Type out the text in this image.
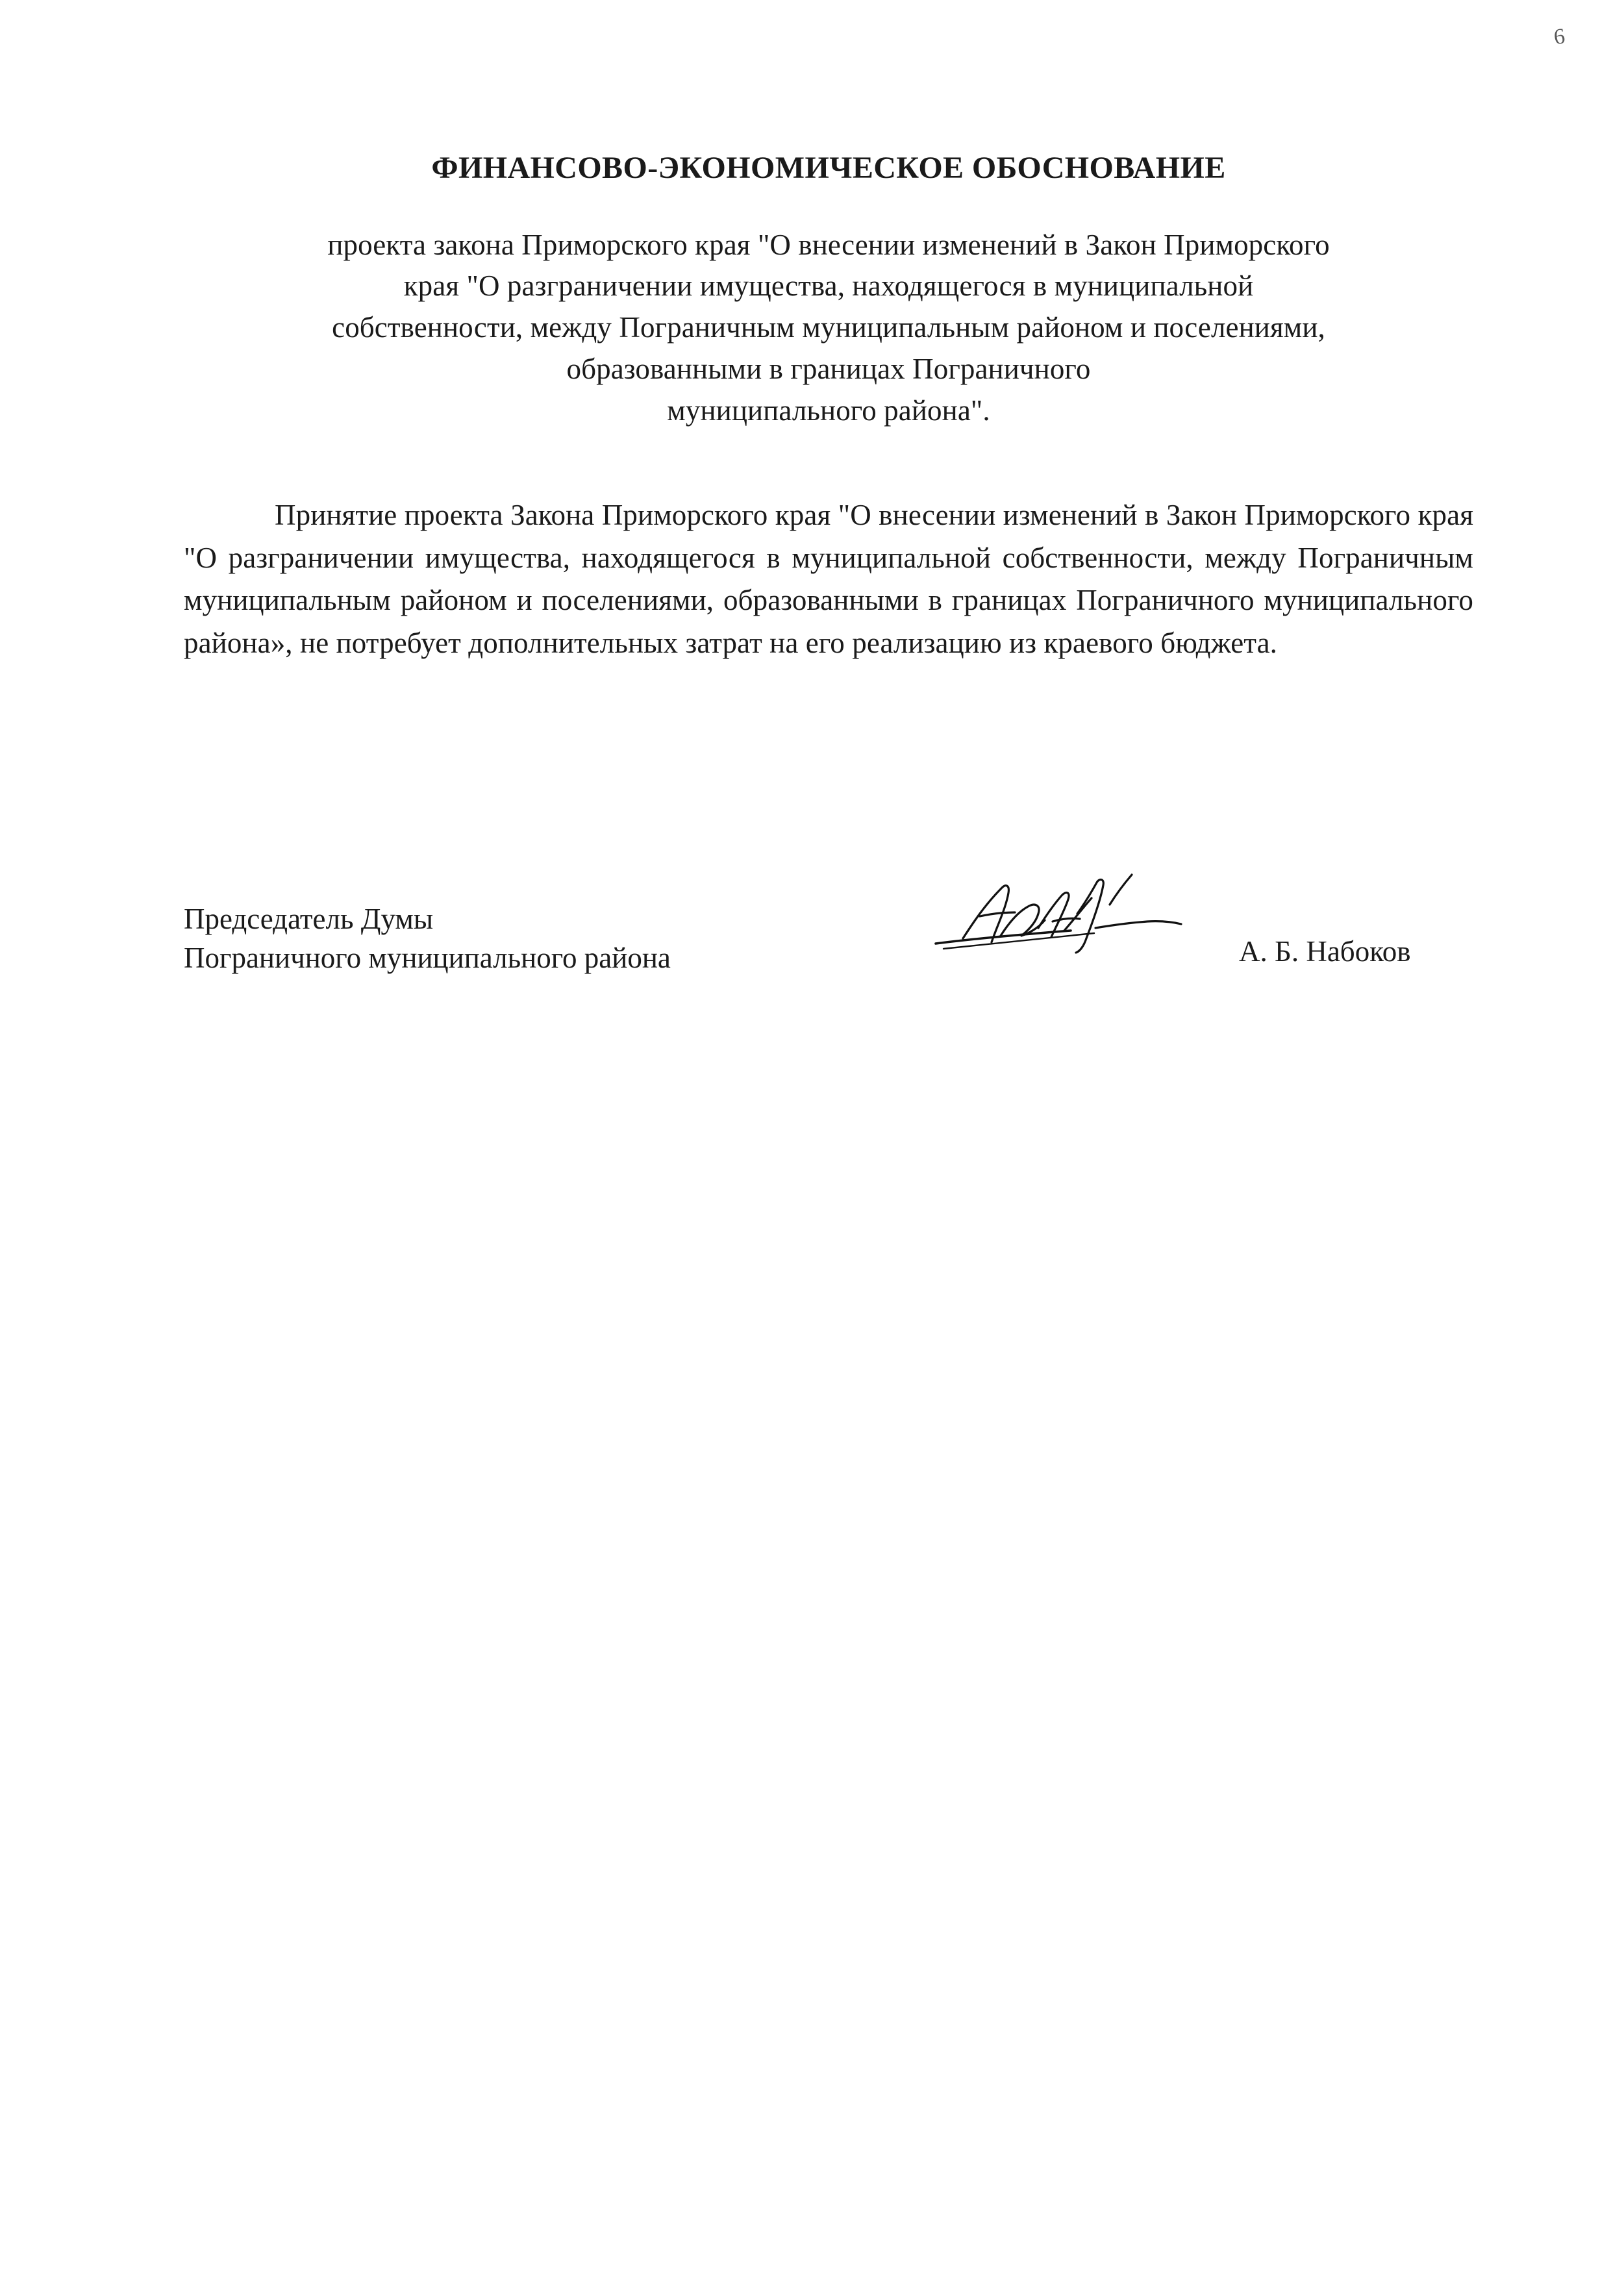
6
ФИНАНСОВО-ЭКОНОМИЧЕСКОЕ ОБОСНОВАНИЕ
проекта закона Приморского края "О внесении изменений в Закон Приморского
края "О разграничении имущества, находящегося в муниципальной
собственности, между Пограничным муниципальным районом и поселениями,
образованными в границах Пограничного
муниципального района".

Принятие проекта Закона Приморского края "О внесении изменений в Закон Приморского края "О разграничении имущества, находящегося в муниципальной собственности, между Пограничным муниципальным районом и поселениями, образованными в границах Пограничного муниципального района», не потребует дополнительных затрат на его реализацию из краевого бюджета.

Председатель Думы
Пограничного муниципального района	А. Б. Набоков
